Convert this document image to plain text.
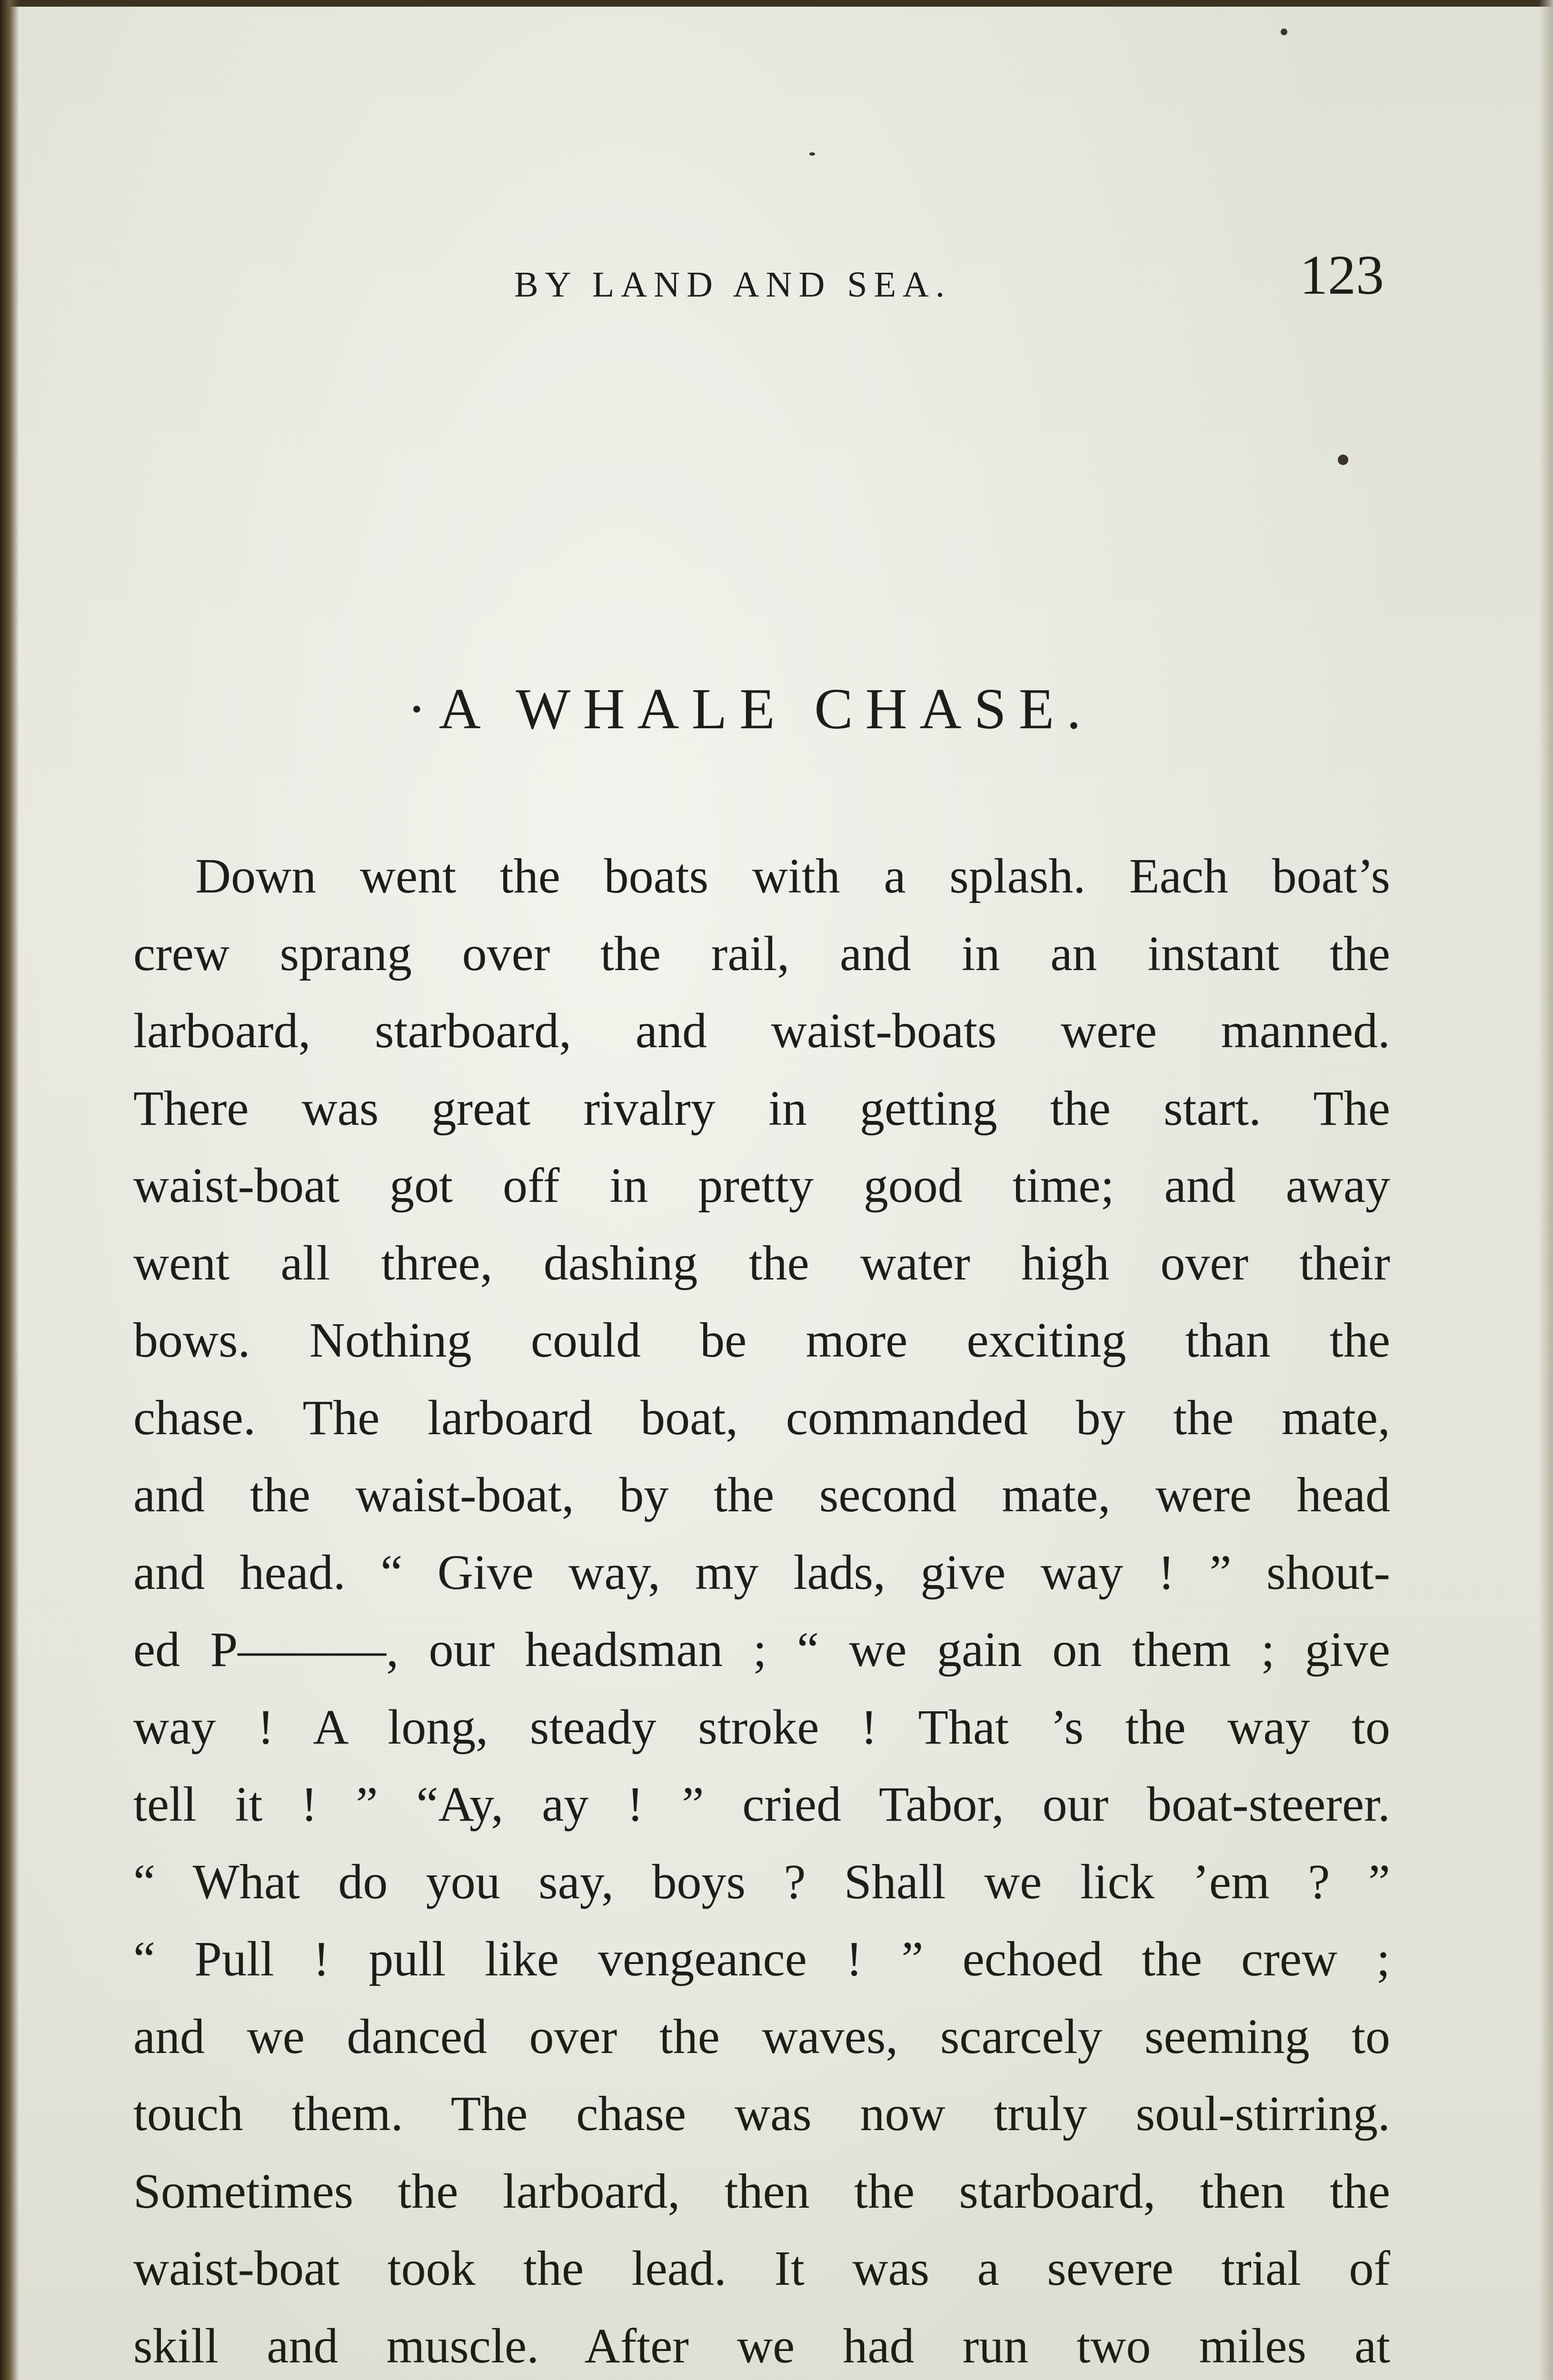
BY LAND AND SEA.	123
·A WHALE CHASE.
Down went the boats with a splash. Each boat’s
crew sprang over the rail, and in an instant the
larboard, starboard, and waist-boats were manned.
There was great rivalry in getting the start. The
waist-boat got off in pretty good time; and away
went all three, dashing the water high over their
bows. Nothing could be more exciting than the
chase. The larboard boat, commanded by the mate,
and the waist-boat, by the second mate, were head
and head. “ Give way, my lads, give way ! ” shout-
ed P———, our headsman ; “ we gain on them ; give
way ! A long, steady stroke ! That ’s the way to
tell it ! ” “Ay, ay ! ” cried Tabor, our boat-steerer.
“ What do you say, boys ? Shall we lick ’em ? ”
“ Pull ! pull like vengeance ! ” echoed the crew ;
and we danced over the waves, scarcely seeming to
touch them. The chase was now truly soul-stirring.
Sometimes the larboard, then the starboard, then the
waist-boat took the lead. It was a severe trial of
skill and muscle. After we had run two miles at
